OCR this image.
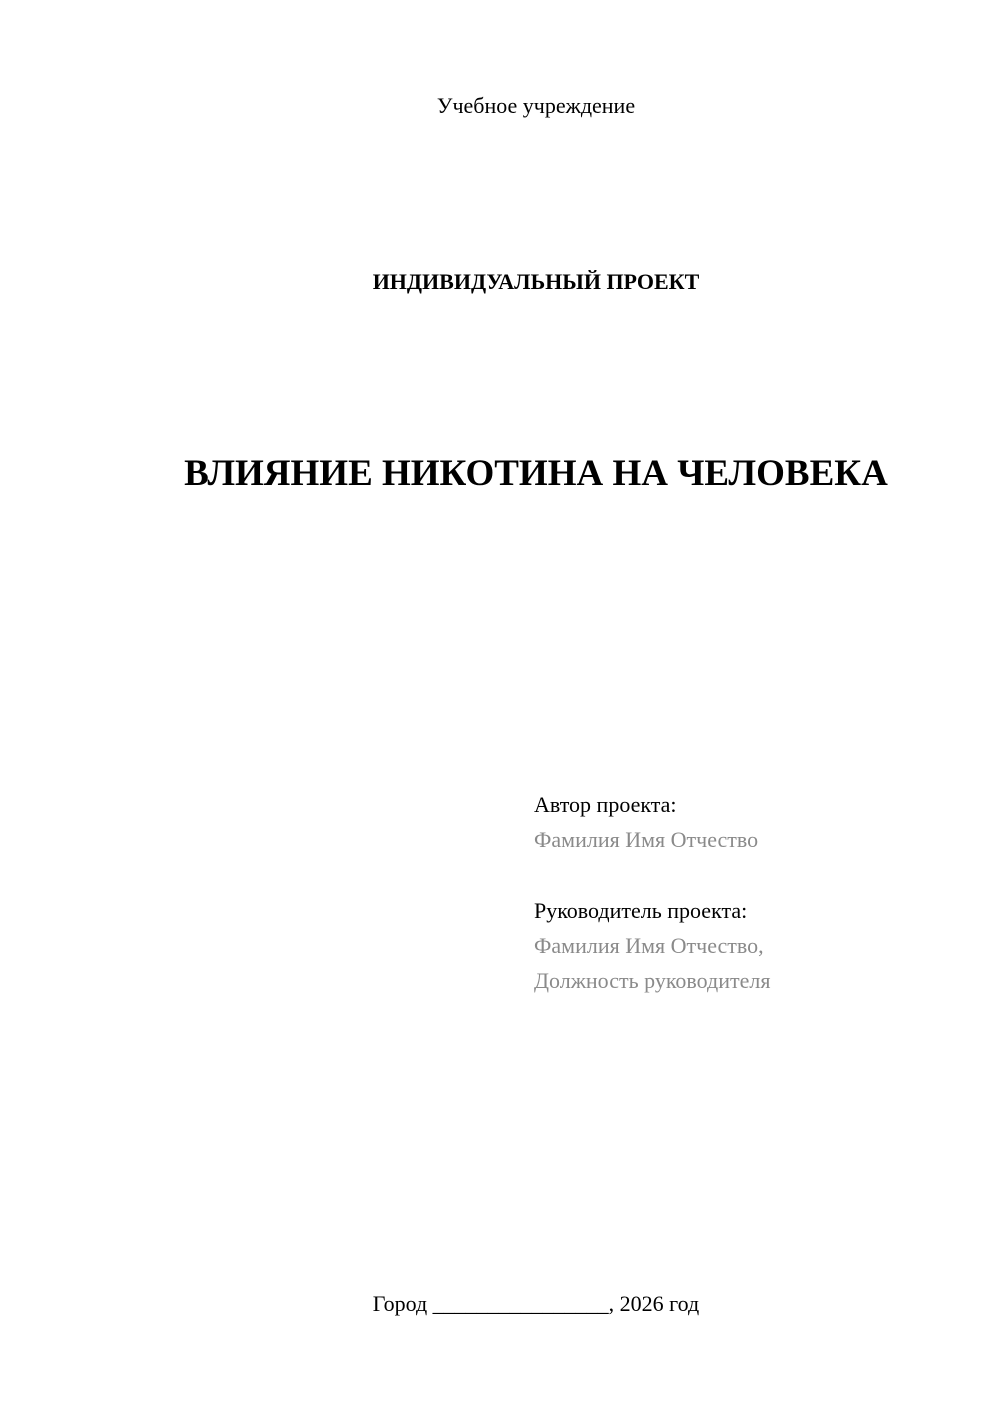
Учебное учреждение
ИНДИВИДУАЛЬНЫЙ ПРОЕКТ
ВЛИЯНИЕ НИКОТИНА НА ЧЕЛОВЕКА
Автор проекта:
Фамилия Имя Отчество
Руководитель проекта:
Фамилия Имя Отчество,
Должность руководителя
Город ________________, 2026 год
